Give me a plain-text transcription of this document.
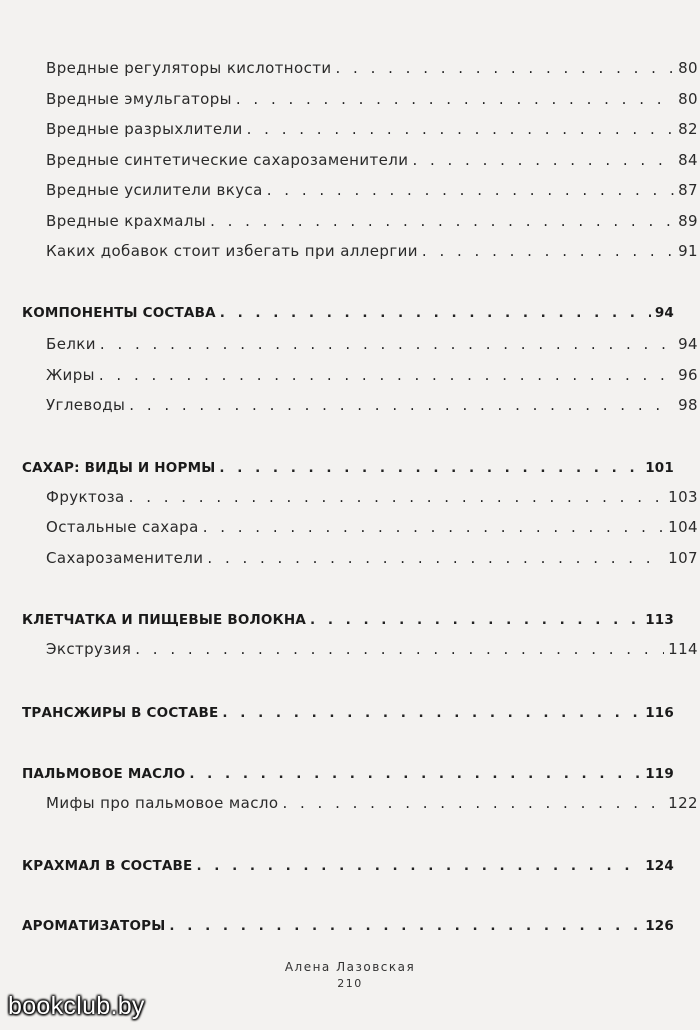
Вредные регуляторы кислотности . . .	80
Вредные эмульгаторы . . .	80
Вредные разрыхлители . . .	82
Вредные синтетические сахарозаменители . . .	84
Вредные усилители вкуса . . .	87
Вредные крахмалы . . .	89
Каких добавок стоит избегать при аллергии . . .	91
КОМПОНЕНТЫ СОСТАВА . . .	94
Белки . . .	94
Жиры . . .	96
Углеводы . . .	98
САХАР: ВИДЫ И НОРМЫ . . .	101
Фруктоза . . .	103
Остальные сахара . . .	104
Сахарозаменители . . .	107
КЛЕТЧАТКА И ПИЩЕВЫЕ ВОЛОКНА . . .	113
Экструзия . . .	114
ТРАНСЖИРЫ В СОСТАВЕ . . .	116
ПАЛЬМОВОЕ МАСЛО . . .	119
Мифы про пальмовое масло . . .	122
КРАХМАЛ В СОСТАВЕ . . .	124
АРОМАТИЗАТОРЫ . . .	126
Алена Лазовская
210
bookclub.by
